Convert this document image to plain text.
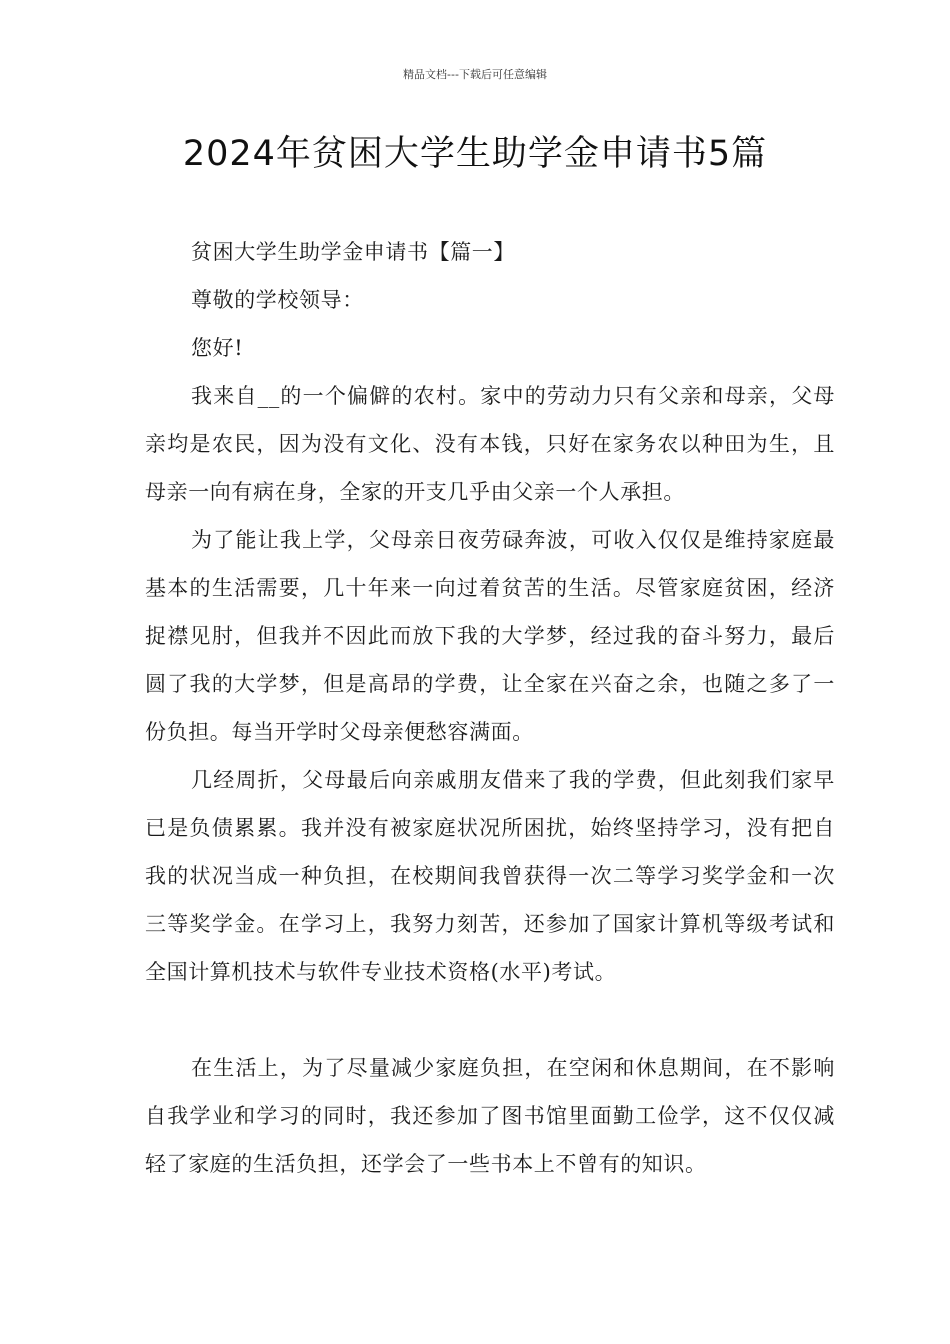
精品文档---下载后可任意编辑
2024年贫困大学生助学金申请书5篇

贫困大学生助学金申请书【篇一】

尊敬的学校领导：

您好!

我来自__的一个偏僻的农村。家中的劳动力只有父亲和母亲，父母亲均是农民，因为没有文化、没有本钱，只好在家务农以种田为生，且母亲一向有病在身，全家的开支几乎由父亲一个人承担。

为了能让我上学，父母亲日夜劳碌奔波，可收入仅仅是维持家庭最基本的生活需要，几十年来一向过着贫苦的生活。尽管家庭贫困，经济捉襟见肘，但我并不因此而放下我的大学梦，经过我的奋斗努力，最后圆了我的大学梦，但是高昂的学费，让全家在兴奋之余，也随之多了一份负担。每当开学时父母亲便愁容满面。

几经周折，父母最后向亲戚朋友借来了我的学费，但此刻我们家早已是负债累累。我并没有被家庭状况所困扰，始终坚持学习，没有把自我的状况当成一种负担，在校期间我曾获得一次二等学习奖学金和一次三等奖学金。在学习上，我努力刻苦，还参加了国家计算机等级考试和全国计算机技术与软件专业技术资格(水平)考试。

在生活上，为了尽量减少家庭负担，在空闲和休息期间，在不影响自我学业和学习的同时，我还参加了图书馆里面勤工俭学，这不仅仅减轻了家庭的生活负担，还学会了一些书本上不曾有的知识。
